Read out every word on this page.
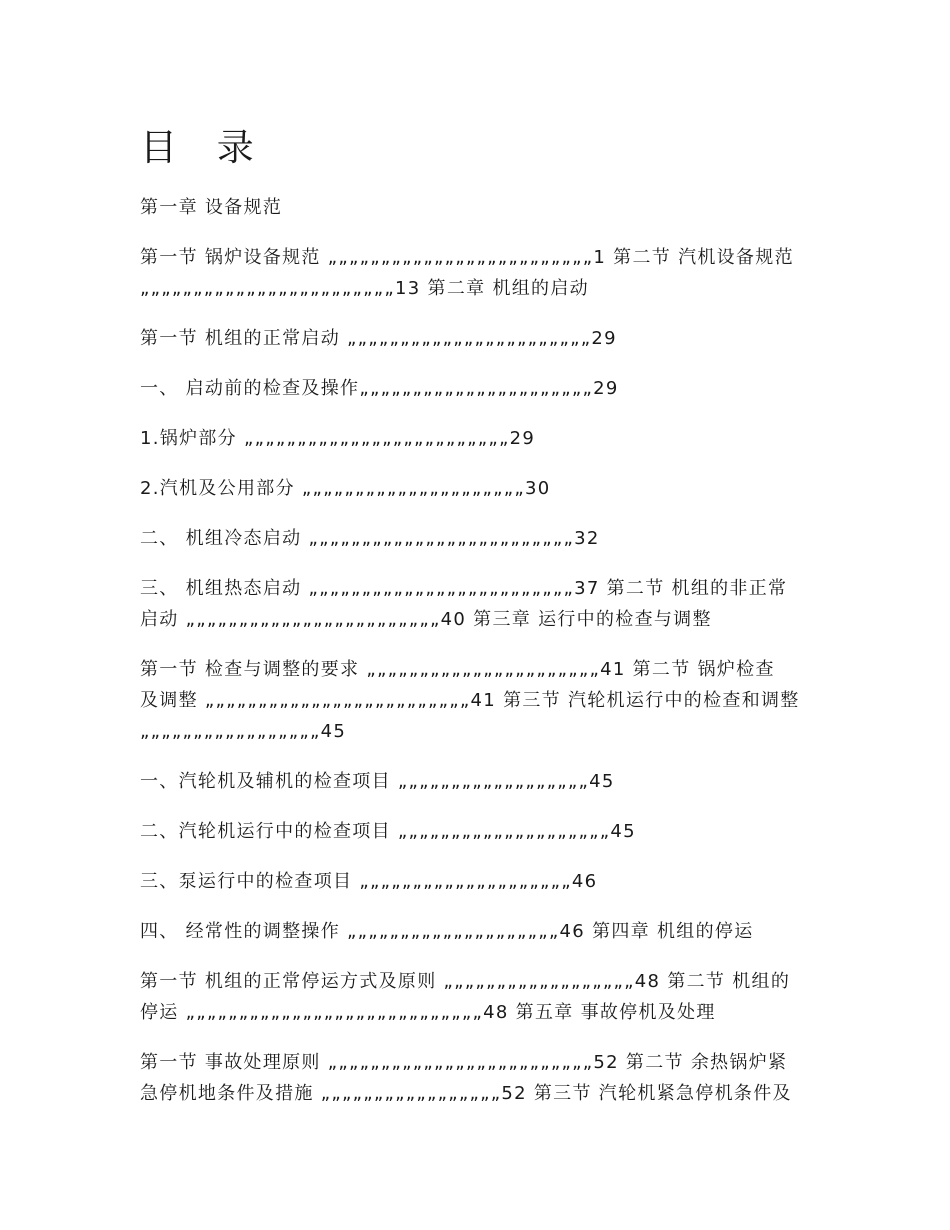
目 录
第一章 设备规范
第一节 锅炉设备规范 „„„„„„„„„„„„„„„„„„„„„„„„„1 第二节 汽机设备规范
„„„„„„„„„„„„„„„„„„„„„„„„13 第二章 机组的启动
第一节 机组的正常启动 „„„„„„„„„„„„„„„„„„„„„„„29
一、 启动前的检查及操作„„„„„„„„„„„„„„„„„„„„„„29
1.锅炉部分 „„„„„„„„„„„„„„„„„„„„„„„„„29
2.汽机及公用部分 „„„„„„„„„„„„„„„„„„„„„30
二、 机组冷态启动 „„„„„„„„„„„„„„„„„„„„„„„„„32
三、 机组热态启动 „„„„„„„„„„„„„„„„„„„„„„„„„37 第二节 机组的非正常
启动 „„„„„„„„„„„„„„„„„„„„„„„„40 第三章 运行中的检查与调整
第一节 检查与调整的要求 „„„„„„„„„„„„„„„„„„„„„„41 第二节 锅炉检查
及调整 „„„„„„„„„„„„„„„„„„„„„„„„„41 第三节 汽轮机运行中的检查和调整
„„„„„„„„„„„„„„„„„45
一、汽轮机及辅机的检查项目 „„„„„„„„„„„„„„„„„„45
二、汽轮机运行中的检查项目 „„„„„„„„„„„„„„„„„„„„45
三、泵运行中的检查项目 „„„„„„„„„„„„„„„„„„„„46
四、 经常性的调整操作 „„„„„„„„„„„„„„„„„„„„46 第四章 机组的停运
第一节 机组的正常停运方式及原则 „„„„„„„„„„„„„„„„„„48 第二节 机组的
停运 „„„„„„„„„„„„„„„„„„„„„„„„„„„„48 第五章 事故停机及处理
第一节 事故处理原则 „„„„„„„„„„„„„„„„„„„„„„„„„52 第二节 余热锅炉紧
急停机地条件及措施 „„„„„„„„„„„„„„„„„52 第三节 汽轮机紧急停机条件及
